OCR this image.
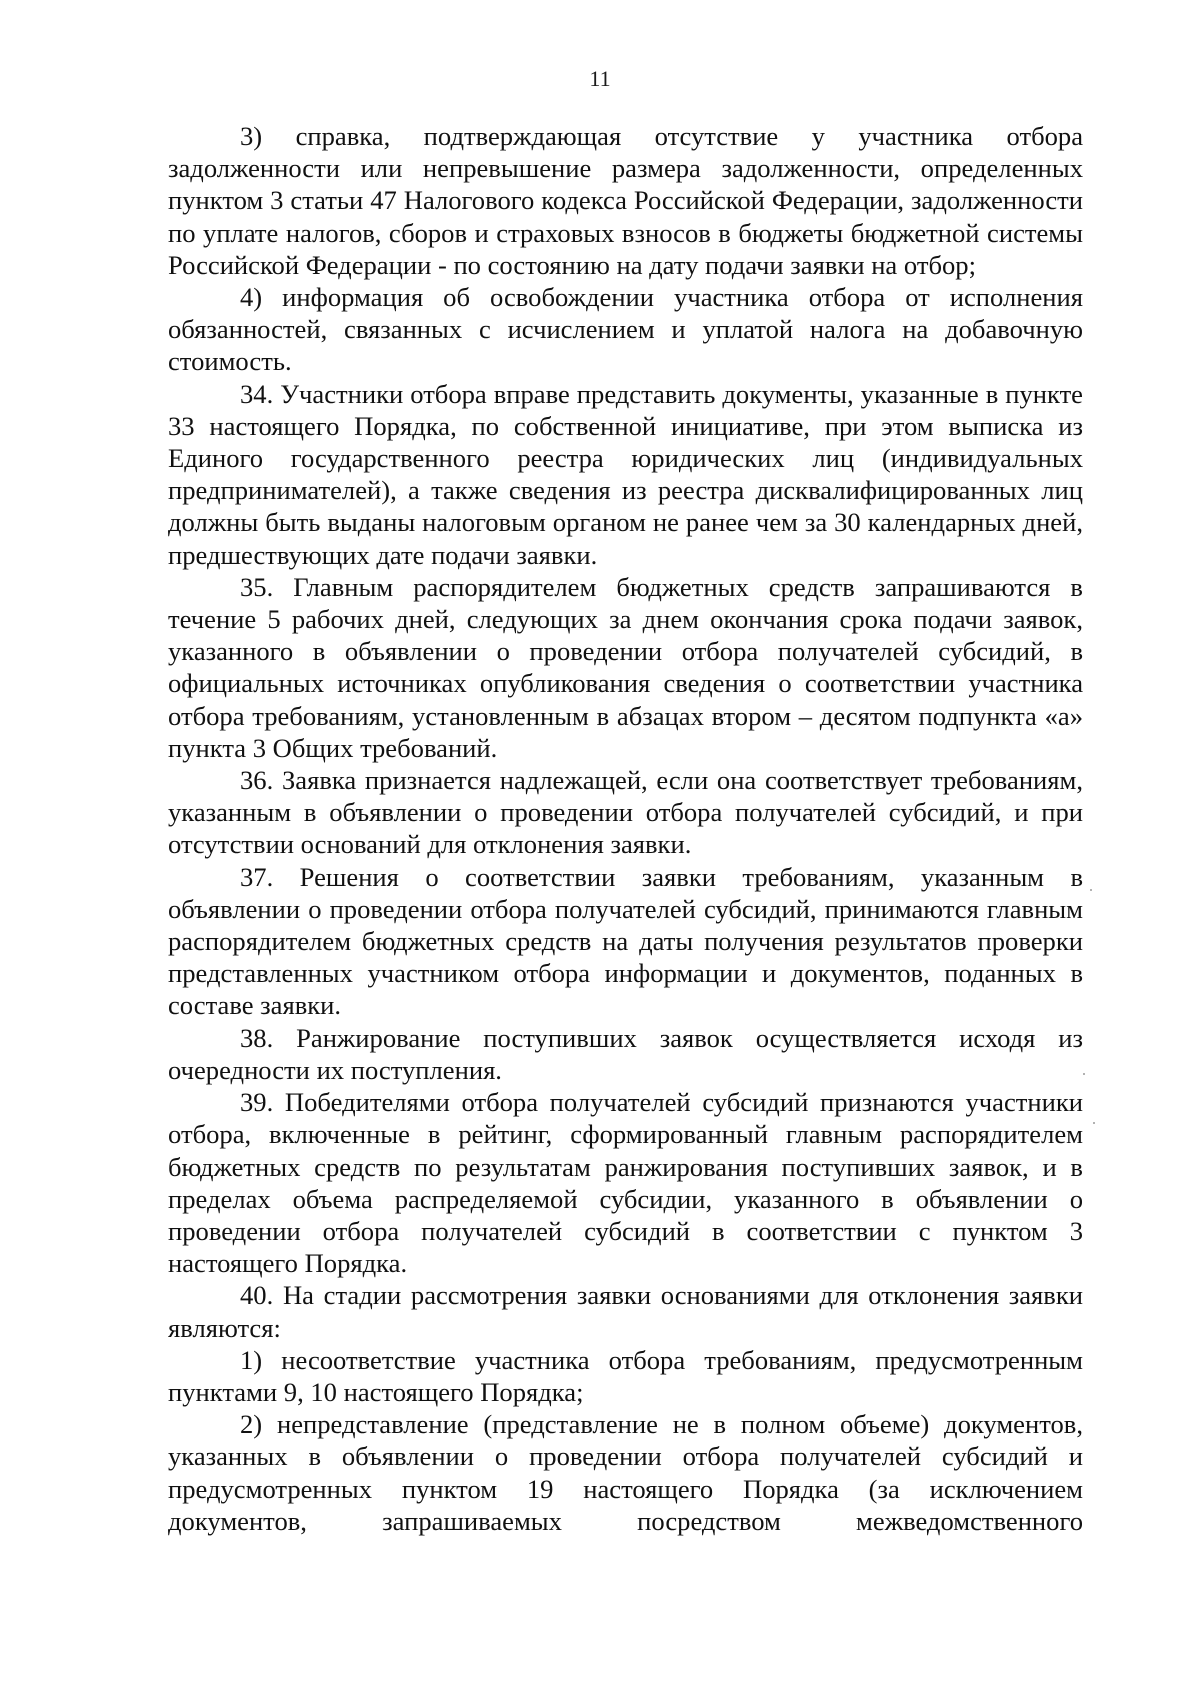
11

3) справка, подтверждающая отсутствие у участника отбора задолженности или непревышение размера задолженности, определенных пунктом 3 статьи 47 Налогового кодекса Российской Федерации, задолженности по уплате налогов, сборов и страховых взносов в бюджеты бюджетной системы Российской Федерации - по состоянию на дату подачи заявки на отбор;

4) информация об освобождении участника отбора от исполнения обязанностей, связанных с исчислением и уплатой налога на добавочную стоимость.

34. Участники отбора вправе представить документы, указанные в пункте 33 настоящего Порядка, по собственной инициативе, при этом выписка из Единого государственного реестра юридических лиц (индивидуальных предпринимателей), а также сведения из реестра дисквалифицированных лиц должны быть выданы налоговым органом не ранее чем за 30 календарных дней, предшествующих дате подачи заявки.

35. Главным распорядителем бюджетных средств запрашиваются в течение 5 рабочих дней, следующих за днем окончания срока подачи заявок, указанного в объявлении о проведении отбора получателей субсидий, в официальных источниках опубликования сведения о соответствии участника отбора требованиям, установленным в абзацах втором – десятом подпункта «а» пункта 3 Общих требований.

36. Заявка признается надлежащей, если она соответствует требованиям, указанным в объявлении о проведении отбора получателей субсидий, и при отсутствии оснований для отклонения заявки.

37. Решения о соответствии заявки требованиям, указанным в объявлении о проведении отбора получателей субсидий, принимаются главным распорядителем бюджетных средств на даты получения результатов проверки представленных участником отбора информации и документов, поданных в составе заявки.

38. Ранжирование поступивших заявок осуществляется исходя из очередности их поступления.

39. Победителями отбора получателей субсидий признаются участники отбора, включенные в рейтинг, сформированный главным распорядителем бюджетных средств по результатам ранжирования поступивших заявок, и в пределах объема распределяемой субсидии, указанного в объявлении о проведении отбора получателей субсидий в соответствии с пунктом 3 настоящего Порядка.

40. На стадии рассмотрения заявки основаниями для отклонения заявки являются:

1) несоответствие участника отбора требованиям, предусмотренным пунктами 9, 10 настоящего Порядка;

2) непредставление (представление не в полном объеме) документов, указанных в объявлении о проведении отбора получателей субсидий и предусмотренных пунктом 19 настоящего Порядка (за исключением документов, запрашиваемых посредством межведомственного
